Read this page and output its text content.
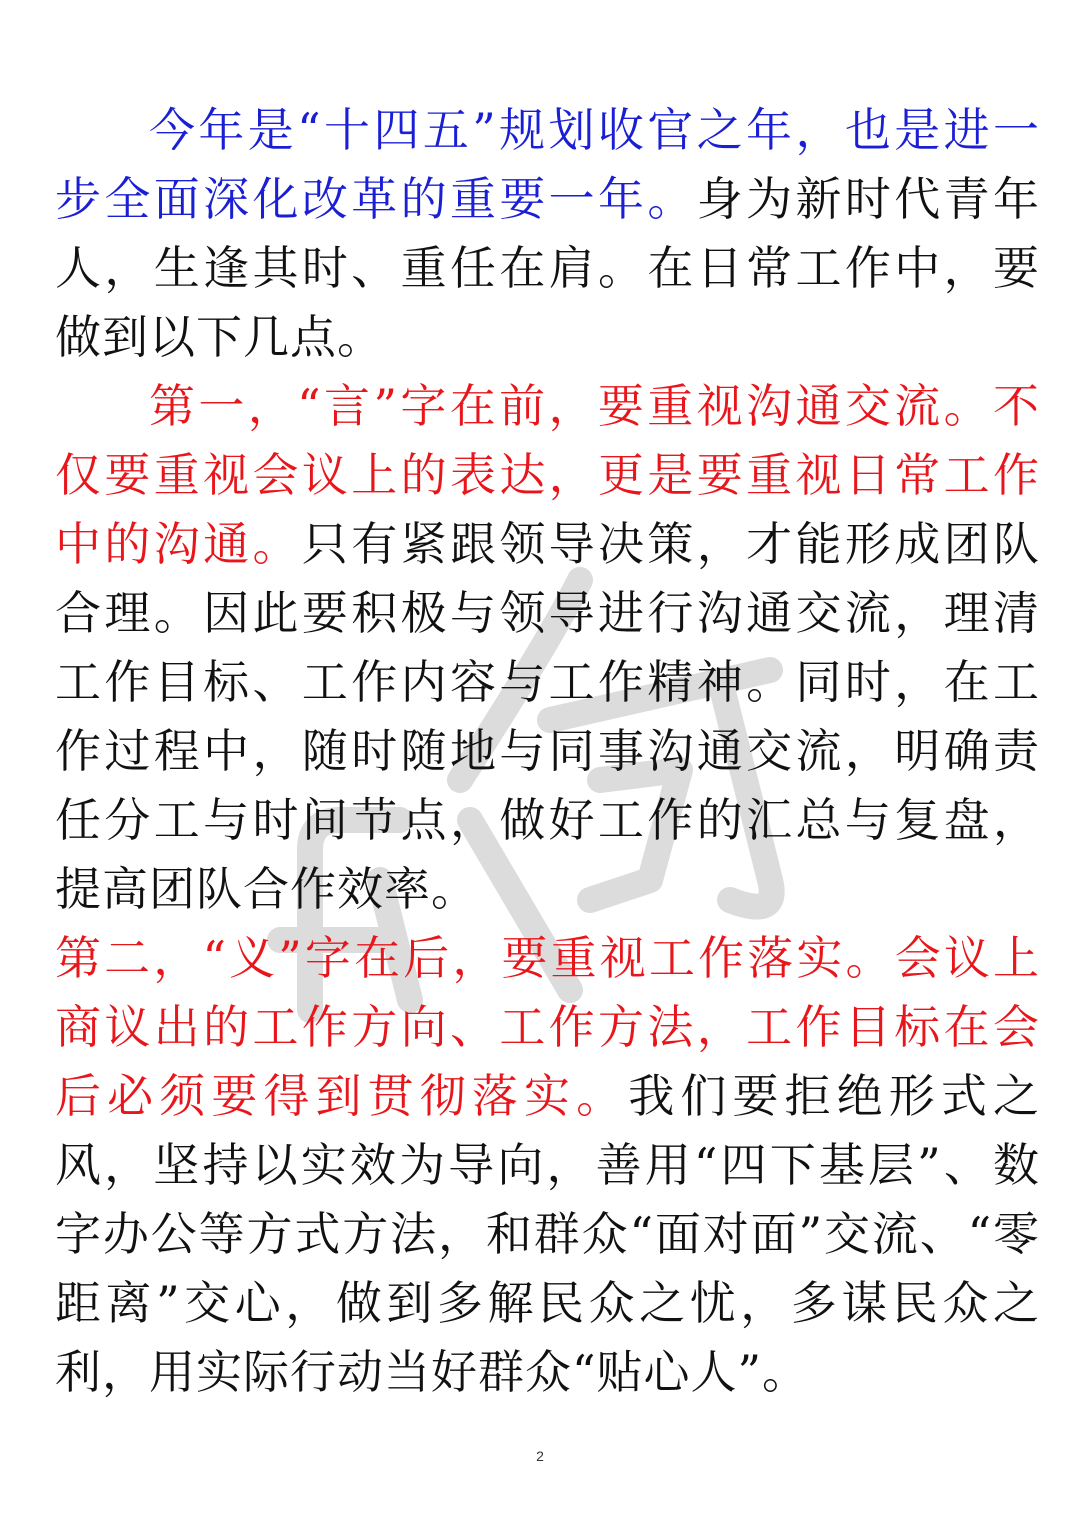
今年是“十四五”规划收官之年，也是进一步全面深化改革的重要一年。身为新时代青年人，生逢其时、重任在肩。在日常工作中，要做到以下几点。

第一，“言”字在前，要重视沟通交流。不仅要重视会议上的表达，更是要重视日常工作中的沟通。只有紧跟领导决策，才能形成团队合理。因此要积极与领导进行沟通交流，理清工作目标、工作内容与工作精神。同时，在工作过程中，随时随地与同事沟通交流，明确责任分工与时间节点，做好工作的汇总与复盘，提高团队合作效率。

第二，“义”字在后，要重视工作落实。会议上商议出的工作方向、工作方法，工作目标在会后必须要得到贯彻落实。我们要拒绝形式之风，坚持以实效为导向，善用“四下基层”、数字办公等方式方法，和群众“面对面”交流、“零距离”交心，做到多解民众之忧，多谋民众之利，用实际行动当好群众“贴心人”。

2
